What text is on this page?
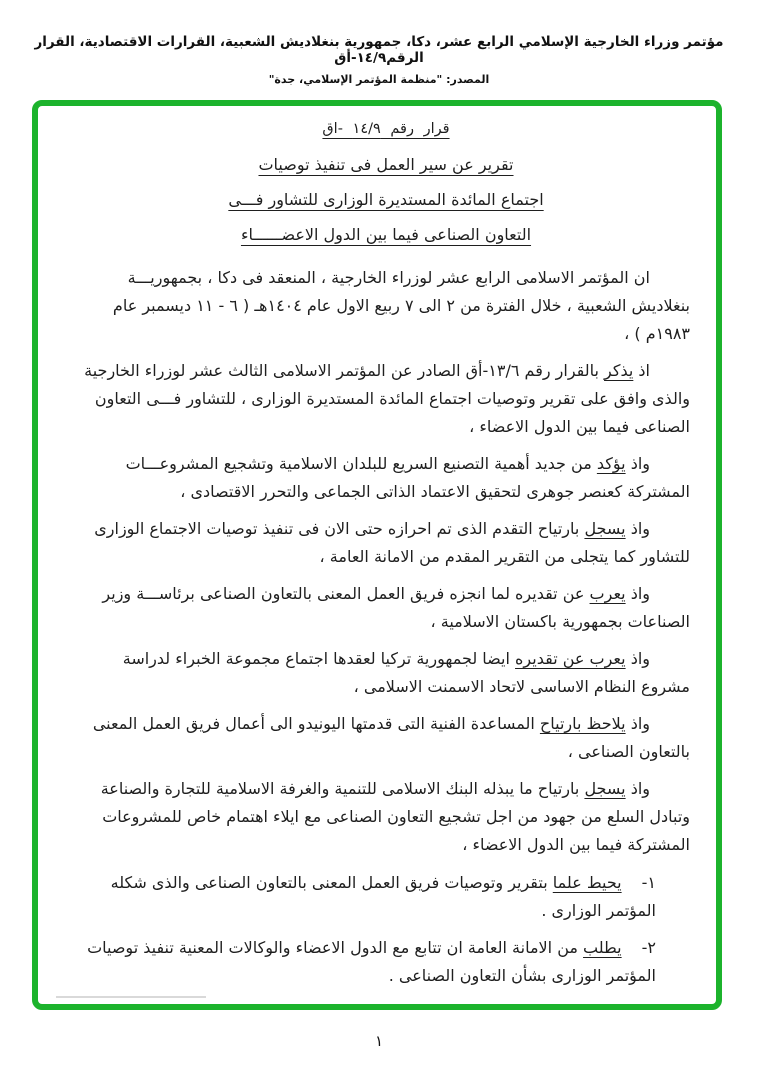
مؤتمر وزراء الخارجية الإسلامي الرابع عشر، دكا، جمهورية بنغلاديش الشعبية، القرارات الاقتصادية، القرار الرقم١٤/٩-أق
المصدر: "منظمة المؤتمر الإسلامي، جدة"
قرار رقم ١٤/٩ -اق
تقرير عن سير العمل فى تنفيذ توصيات
اجتماع المائدة المستديرة الوزارى للتشاور فـــى
التعاون الصناعى فيما بين الدول الاعضــــــاء

ان المؤتمر الاسلامى الرابع عشر لوزراء الخارجية ، المنعقد فى دكا ، بجمهوريـــة بنغلاديش الشعبية ، خلال الفترة من ٢ الى ٧ ربيع الاول عام ١٤٠٤هـ ( ٦ - ١١ ديسمبر عام ١٩٨٣م ) ،

اذ يذكر بالقرار رقم ١٣/٦-أق الصادر عن المؤتمر الاسلامى الثالث عشر لوزراء الخارجية والذى وافق على تقرير وتوصيات اجتماع المائدة المستديرة الوزارى ، للتشاور فـــى التعاون الصناعى فيما بين الدول الاعضاء ،

واذ يؤكد من جديد أهمية التصنيع السريع للبلدان الاسلامية وتشجيع المشروعـــات المشتركة كعنصر جوهرى لتحقيق الاعتماد الذاتى الجماعى والتحرر الاقتصادى ،

واذ يسجل بارتياح التقدم الذى تم احرازه حتى الان فى تنفيذ توصيات الاجتماع الوزارى للتشاور كما يتجلى من التقرير المقدم من الامانة العامة ،

واذ يعرب عن تقديره لما انجزه فريق العمل المعنى بالتعاون الصناعى برئاســـة وزير الصناعات بجمهورية باكستان الاسلامية ،

واذ يعرب عن تقديره ايضا لجمهورية تركيا لعقدها اجتماع مجموعة الخبراء لدراسة مشروع النظام الاساسى لاتحاد الاسمنت الاسلامى ،

واذ يلاحظ بارتياح المساعدة الفنية التى قدمتها اليونيدو الى أعمال فريق العمل المعنى بالتعاون الصناعى ،

واذ يسجل بارتياح ما يبذله البنك الاسلامى للتنمية والغرفة الاسلامية للتجارة والصناعة وتبادل السلع من جهود من اجل تشجيع التعاون الصناعى مع ايلاء اهتمام خاص للمشروعات المشتركة فيما بين الدول الاعضاء ،

١-يحيط علما بتقرير وتوصيات فريق العمل المعنى بالتعاون الصناعى والذى شكله المؤتمر الوزارى .
٢-يطلب من الامانة العامة ان تتابع مع الدول الاعضاء والوكالات المعنية تنفيذ توصيات المؤتمر الوزارى بشأن التعاون الصناعى .
١
